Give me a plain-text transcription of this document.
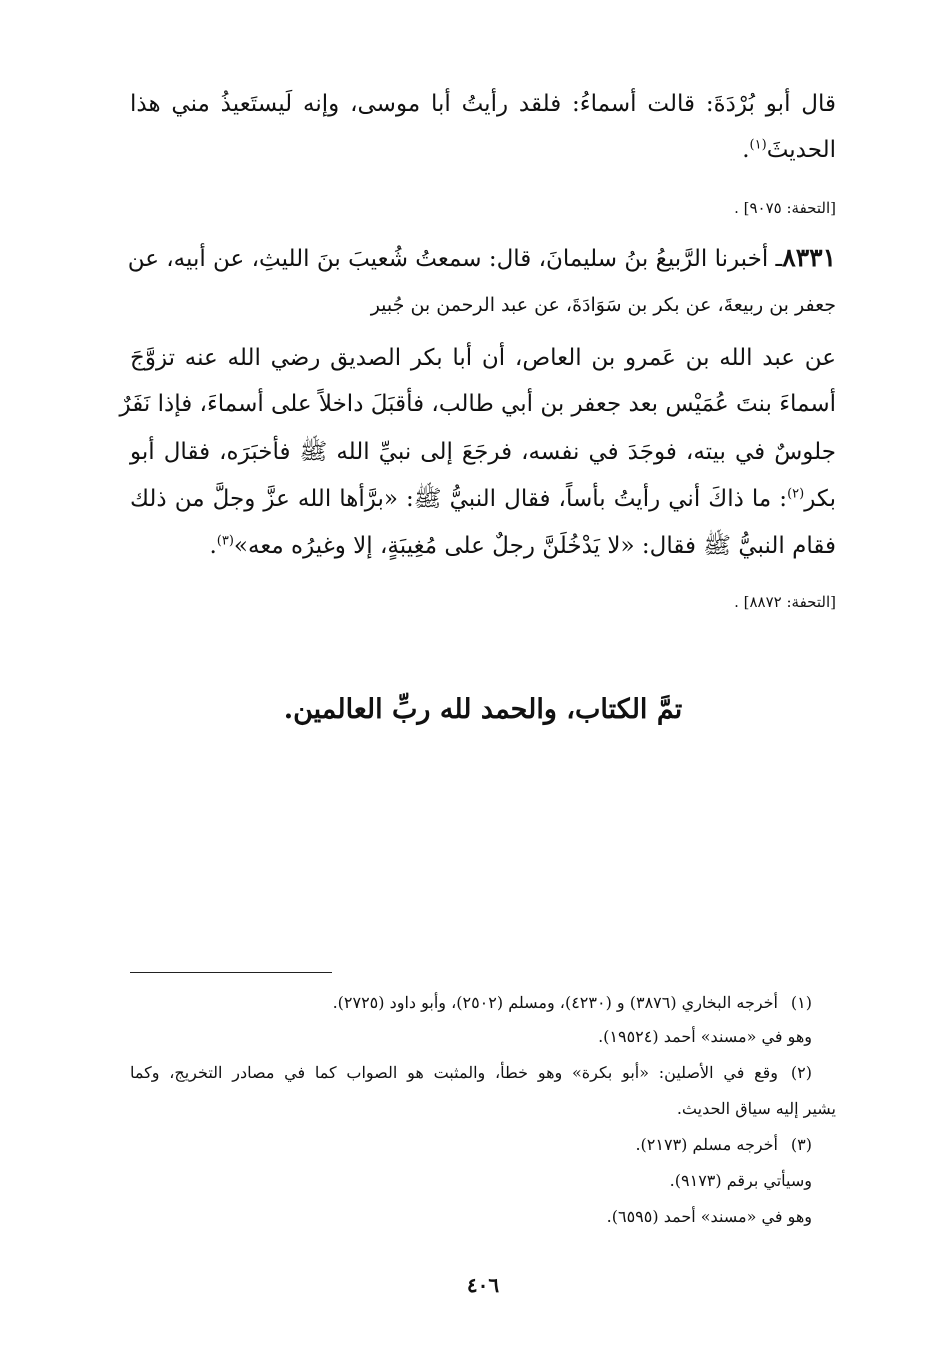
قال أبو بُرْدَةَ: قالت أسماءُ: فلقد رأيتُ أبا موسى، وإنه لَيستَعيذُ مني هذا
الحديثَ$^{(١)}$.
[التحفة: ٩٠٧٥] .
٨٣٣١ـ أخبرنا الرَّبيعُ بنُ سليمانَ، قال: سمعتُ شُعيبَ بنَ الليثِ، عن أبيه، عن
جعفر بن ربيعةَ، عن بكر بن سَوَادَةَ، عن عبد الرحمن بن جُبير
عن عبد الله بن عَمرو بن العاص، أن أبا بكر الصديق رضي الله عنه تزوَّجَ
أسماءَ بنتَ عُمَيْس بعد جعفر بن أبي طالب، فأقبَلَ داخلاً على أسماءَ، فإذا نَفَرٌ
جلوسٌ في بيته، فوجَدَ في نفسه، فرجَعَ إلى نبيِّ الله ﷺ فأخبَرَه، فقال أبو
بكر$^{(٢)}$: ما ذاكَ أني رأيتُ بأساً، فقال النبيُّ ﷺ: «برَّأها الله عزَّ وجلَّ من ذلك
فقام النبيُّ ﷺ فقال: «لا يَدْخُلَنَّ رجلٌ على مُغِيبَةٍ، إلا وغيرُه معه»$^{(٣)}$.
[التحفة: ٨٨٧٢] .
تمَّ الكتاب، والحمد لله ربِّ العالمين.
(١)أخرجه البخاري (٣٨٧٦) و (٤٢٣٠)، ومسلم (٢٥٠٢)، وأبو داود (٢٧٢٥).
وهو في «مسند» أحمد (١٩٥٢٤).
(٢)وقع في الأصلين: «أبو بكرة» وهو خطأ، والمثبت هو الصواب كما في مصادر التخريج، وكما
يشير إليه سياق الحديث.
(٣)أخرجه مسلم (٢١٧٣).
وسيأتي برقم (٩١٧٣).
وهو في «مسند» أحمد (٦٥٩٥).
٤٠٦
